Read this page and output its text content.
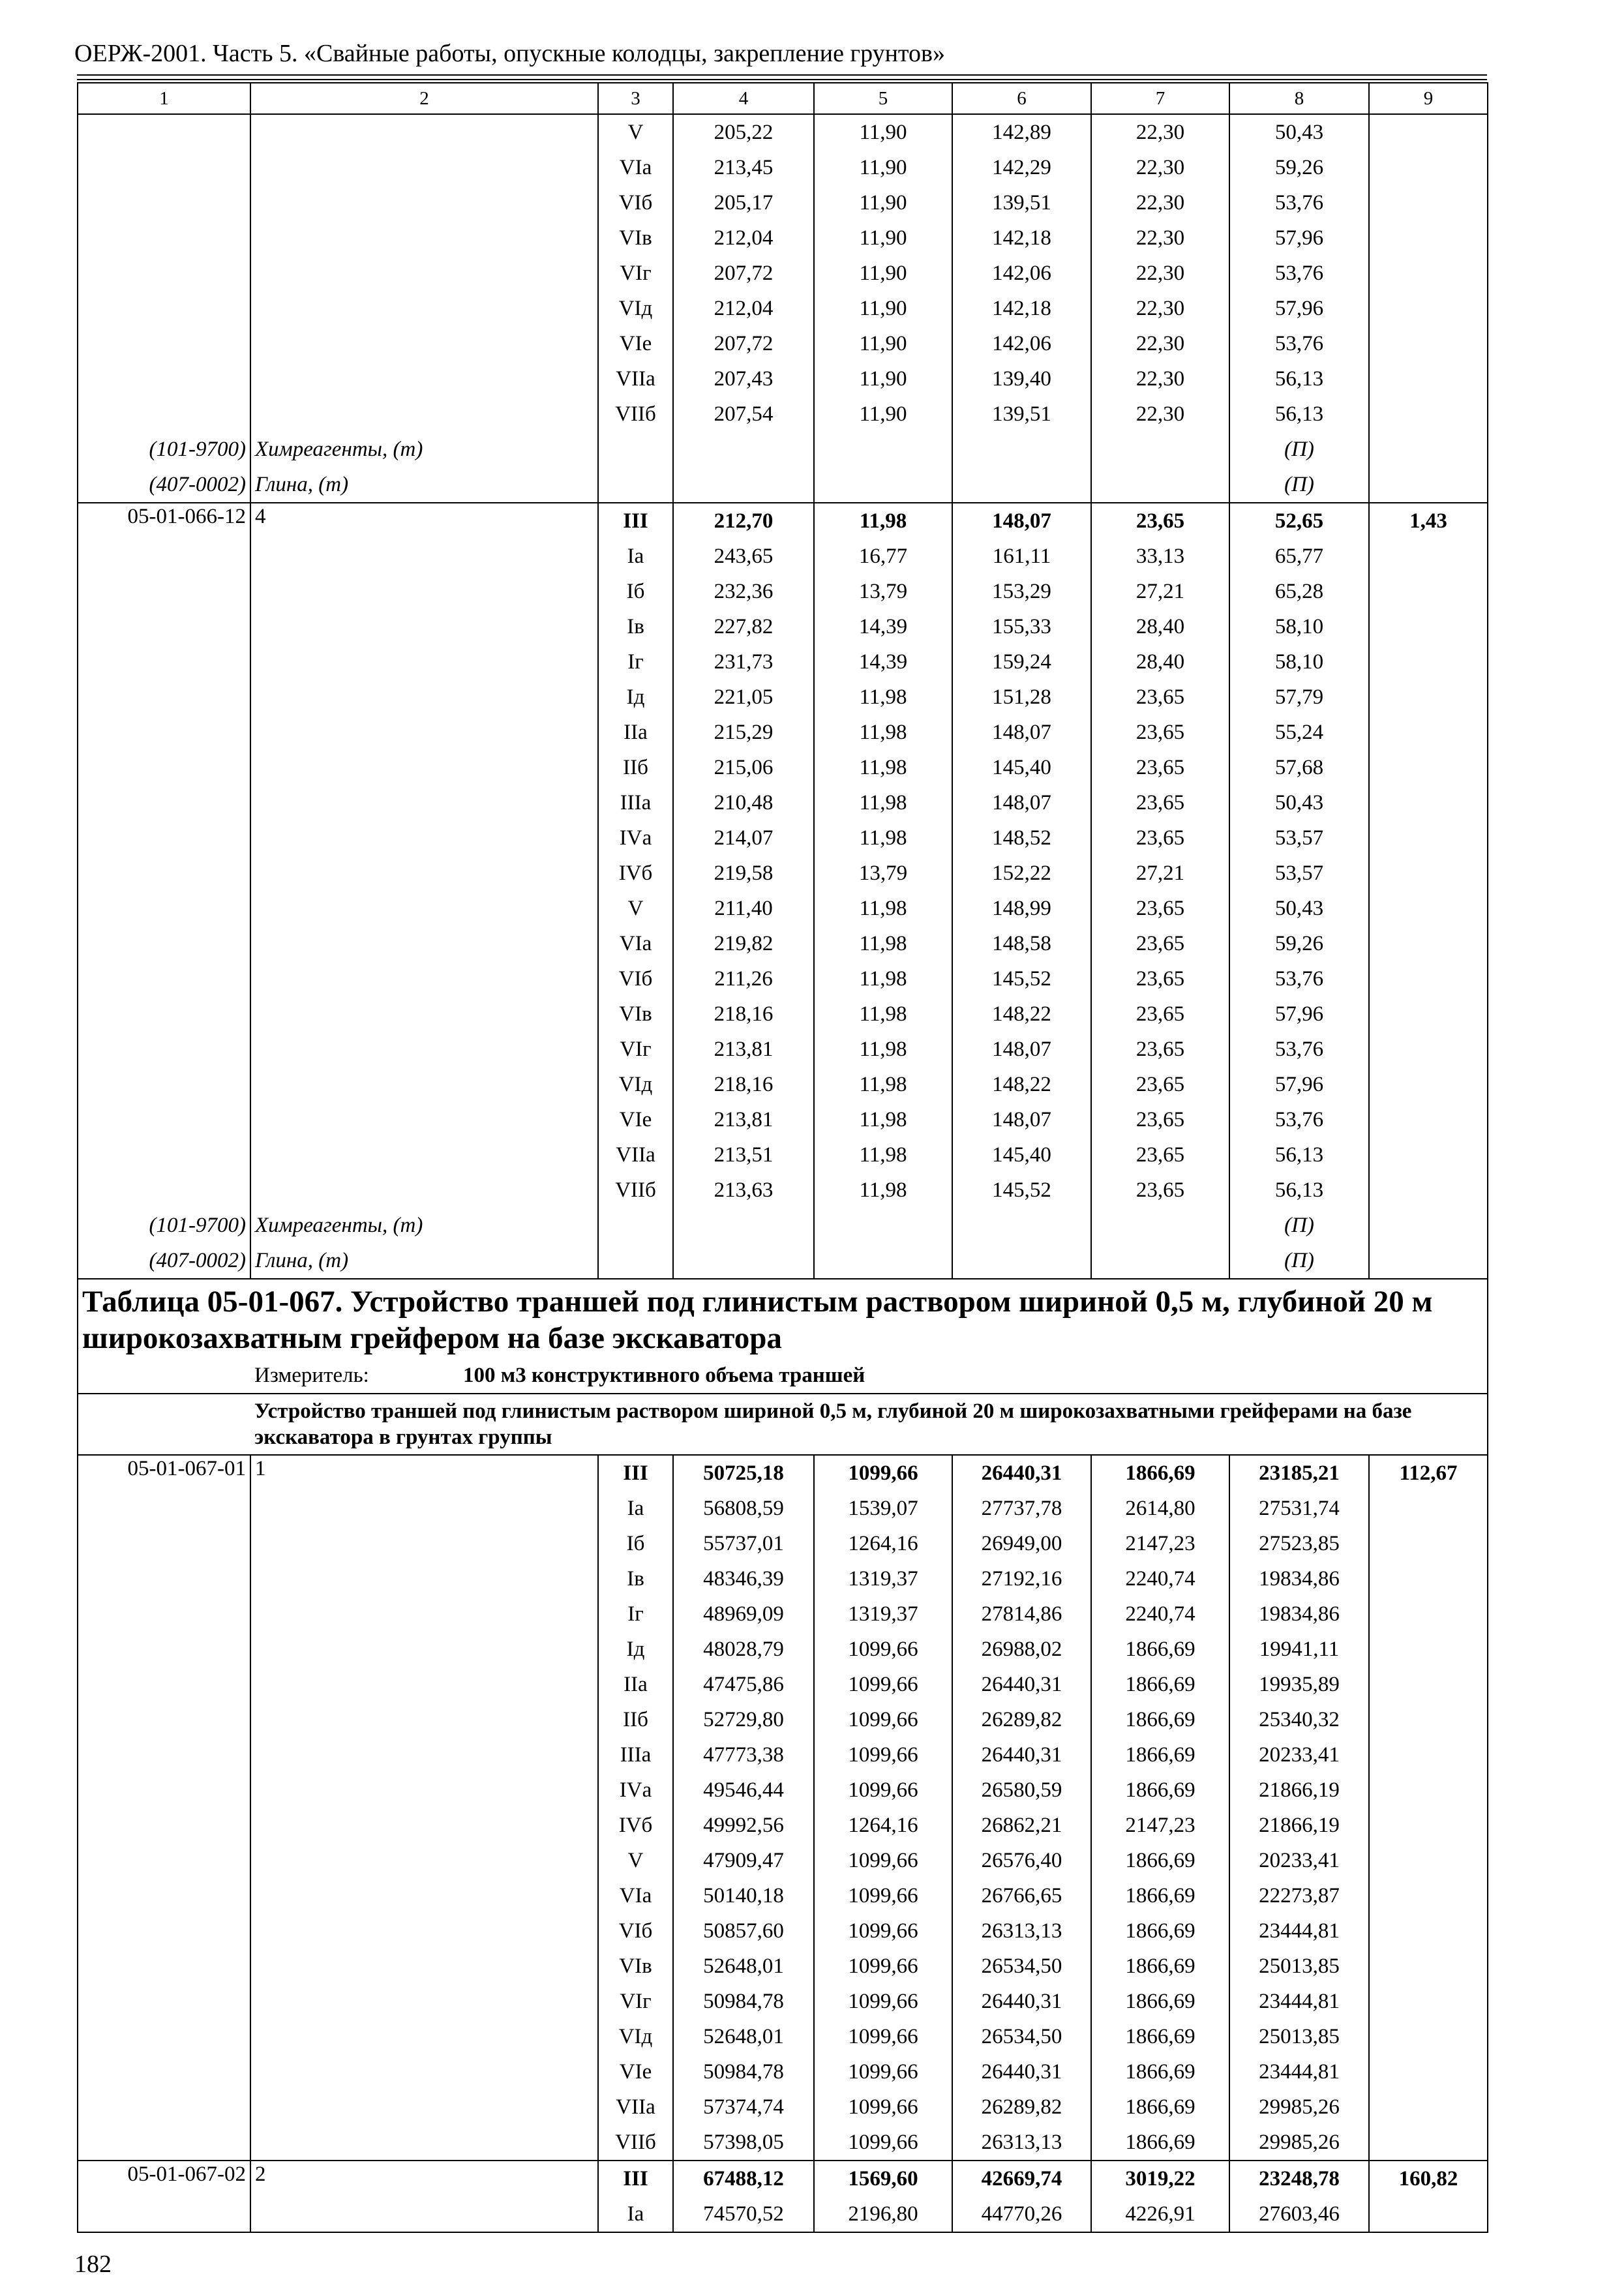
ОЕРЖ-2001. Часть 5. «Свайные работы, опускные колодцы, закрепление грунтов»
1	2	3	4	5	6	7	8	9
		V	205,22	11,90	142,89	22,30	50,43	
		VIа	213,45	11,90	142,29	22,30	59,26	
		VIб	205,17	11,90	139,51	22,30	53,76	
		VIв	212,04	11,90	142,18	22,30	57,96	
		VIг	207,72	11,90	142,06	22,30	53,76	
		VIд	212,04	11,90	142,18	22,30	57,96	
		VIе	207,72	11,90	142,06	22,30	53,76	
		VIIа	207,43	11,90	139,40	22,30	56,13	
		VIIб	207,54	11,90	139,51	22,30	56,13	
(101-9700)	Химреагенты, (т)						(П)	
(407-0002)	Глина, (т)						(П)	
05-01-066-12	4	III	212,70	11,98	148,07	23,65	52,65	1,43
		Iа	243,65	16,77	161,11	33,13	65,77	
		Iб	232,36	13,79	153,29	27,21	65,28	
		Iв	227,82	14,39	155,33	28,40	58,10	
		Iг	231,73	14,39	159,24	28,40	58,10	
		Iд	221,05	11,98	151,28	23,65	57,79	
		IIа	215,29	11,98	148,07	23,65	55,24	
		IIб	215,06	11,98	145,40	23,65	57,68	
		IIIа	210,48	11,98	148,07	23,65	50,43	
		IVа	214,07	11,98	148,52	23,65	53,57	
		IVб	219,58	13,79	152,22	27,21	53,57	
		V	211,40	11,98	148,99	23,65	50,43	
		VIа	219,82	11,98	148,58	23,65	59,26	
		VIб	211,26	11,98	145,52	23,65	53,76	
		VIв	218,16	11,98	148,22	23,65	57,96	
		VIг	213,81	11,98	148,07	23,65	53,76	
		VIд	218,16	11,98	148,22	23,65	57,96	
		VIе	213,81	11,98	148,07	23,65	53,76	
		VIIа	213,51	11,98	145,40	23,65	56,13	
		VIIб	213,63	11,98	145,52	23,65	56,13	
(101-9700)	Химреагенты, (т)						(П)	
(407-0002)	Глина, (т)						(П)	
Таблица 05-01-067. Устройство траншей под глинистым раствором шириной 0,5 м, глубиной 20 м широкозахватным грейфером на базе экскаватора								
	Измеритель: 100 м3 конструктивного объема траншей							
	Устройство траншей под глинистым раствором шириной 0,5 м, глубиной 20 м широкозахватными грейферами на базе экскаватора в грунтах группы							
05-01-067-01	1	III	50725,18	1099,66	26440,31	1866,69	23185,21	112,67
		Iа	56808,59	1539,07	27737,78	2614,80	27531,74	
		Iб	55737,01	1264,16	26949,00	2147,23	27523,85	
		Iв	48346,39	1319,37	27192,16	2240,74	19834,86	
		Iг	48969,09	1319,37	27814,86	2240,74	19834,86	
		Iд	48028,79	1099,66	26988,02	1866,69	19941,11	
		IIа	47475,86	1099,66	26440,31	1866,69	19935,89	
		IIб	52729,80	1099,66	26289,82	1866,69	25340,32	
		IIIа	47773,38	1099,66	26440,31	1866,69	20233,41	
		IVа	49546,44	1099,66	26580,59	1866,69	21866,19	
		IVб	49992,56	1264,16	26862,21	2147,23	21866,19	
		V	47909,47	1099,66	26576,40	1866,69	20233,41	
		VIа	50140,18	1099,66	26766,65	1866,69	22273,87	
		VIб	50857,60	1099,66	26313,13	1866,69	23444,81	
		VIв	52648,01	1099,66	26534,50	1866,69	25013,85	
		VIг	50984,78	1099,66	26440,31	1866,69	23444,81	
		VIд	52648,01	1099,66	26534,50	1866,69	25013,85	
		VIе	50984,78	1099,66	26440,31	1866,69	23444,81	
		VIIа	57374,74	1099,66	26289,82	1866,69	29985,26	
		VIIб	57398,05	1099,66	26313,13	1866,69	29985,26	
05-01-067-02	2	III	67488,12	1569,60	42669,74	3019,22	23248,78	160,82
		Iа	74570,52	2196,80	44770,26	4226,91	27603,46	
182
